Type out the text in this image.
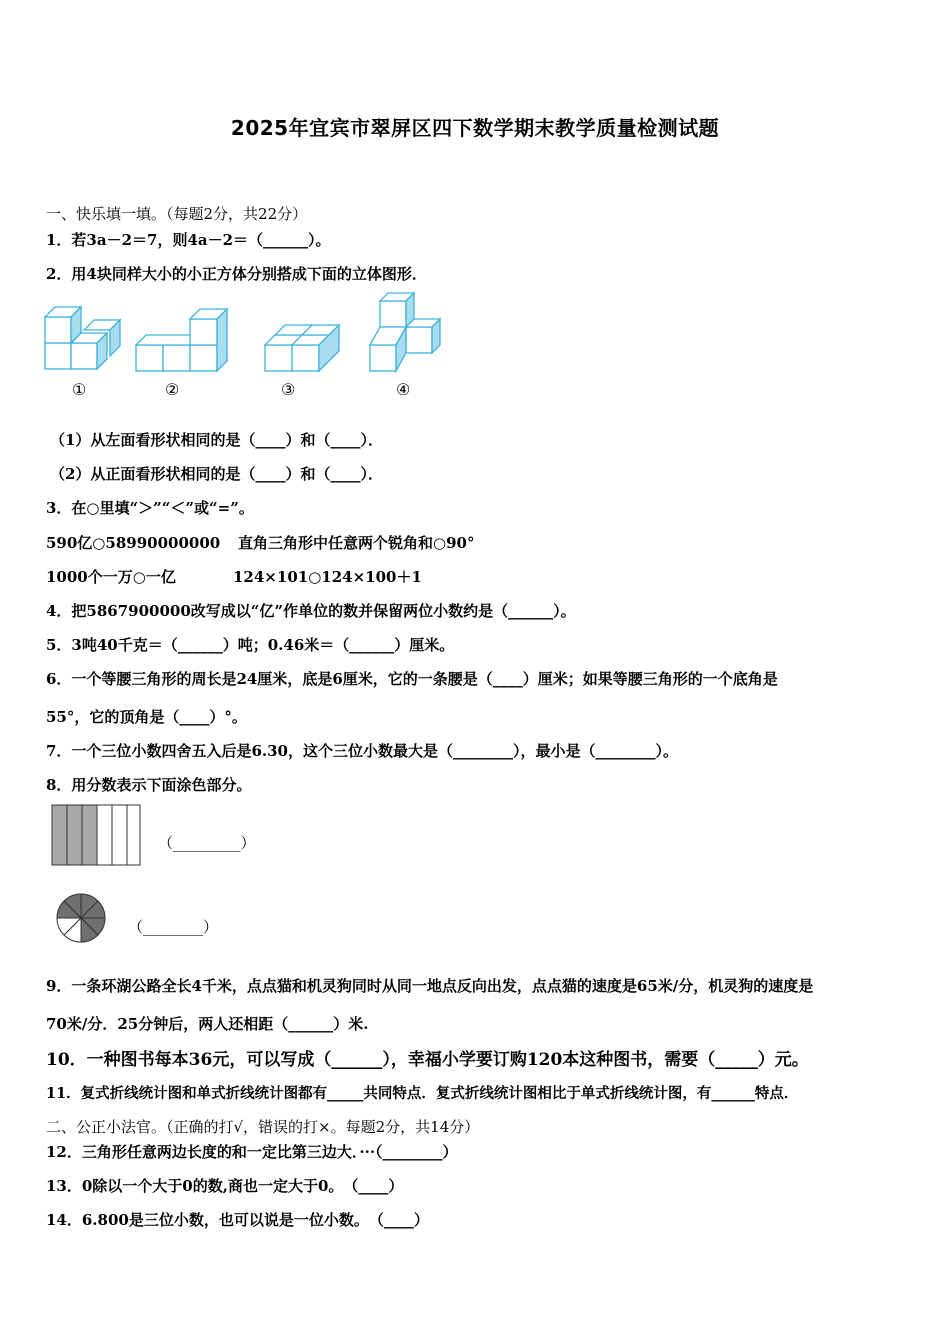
2025年宜宾市翠屏区四下数学期末教学质量检测试题
一、快乐填一填。（每题2分，共22分）
1．若3a－2＝7，则4a－2＝（______）。
2．用4块同样大小的小正方体分别搭成下面的立体图形．
①	②	③	④
（1）从左面看形状相同的是（____）和（____）．
（2）从正面看形状相同的是（____）和（____）．
3．在○里填“＞”“＜”或“=”。
590亿○58990000000 直角三角形中任意两个锐角和○90°
1000个一万○一亿	124×101○124×100＋1
4．把5867900000改写成以“亿”作单位的数并保留两位小数约是（______）。
5．3吨40千克＝（______）吨；0.46米＝（______）厘米。
6．一个等腰三角形的周长是24厘米，底是6厘米，它的一条腰是（____）厘米；如果等腰三角形的一个底角是
55°，它的顶角是（____）°。
7．一个三位小数四舍五入后是6.30，这个三位小数最大是（________），最小是（________）。
8．用分数表示下面涂色部分。
（_________）
（________）
9．一条环湖公路全长4千米，点点猫和机灵狗同时从同一地点反向出发，点点猫的速度是65米/分，机灵狗的速度是
70米/分．25分钟后，两人还相距（______）米.
10．一种图书每本36元，可以写成（______），幸福小学要订购120本这种图书，需要（_____）元。
11．复式折线统计图和单式折线统计图都有_____共同特点．复式折线统计图相比于单式折线统计图，有______特点．
二、公正小法官。（正确的打√，错误的打×。每题2分，共14分）
12．三角形任意两边长度的和一定比第三边大．···（________）
13．0除以一个大于0的数,商也一定大于0。　（____）
14．6.800是三位小数，也可以说是一位小数。　（____）
